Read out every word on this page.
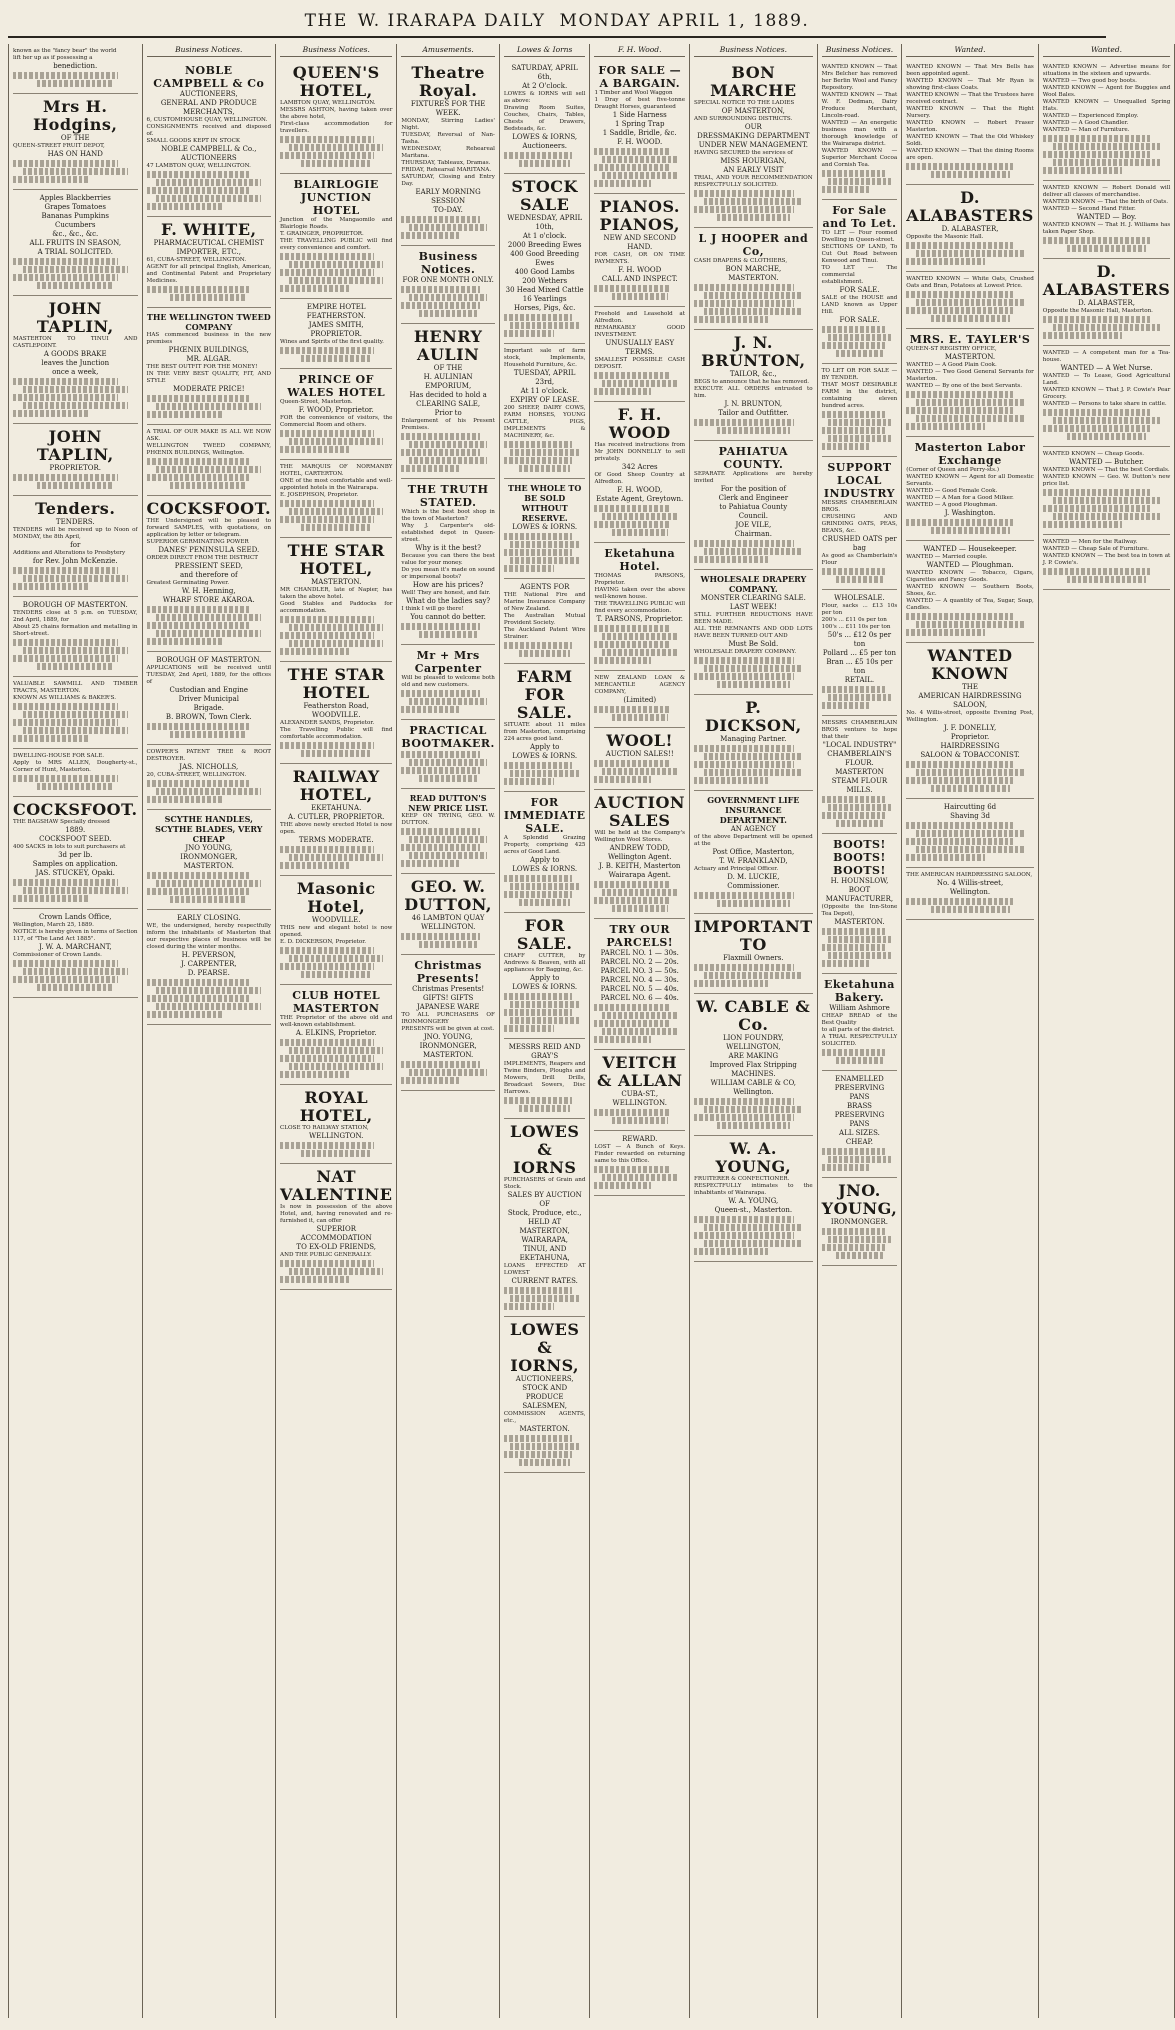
THE W. IRARAPA DAILY MONDAY APRIL 1, 1889.
known as the "fancy bear" the world
lift her up as if possessing a
benediction.
Mrs H. Hodgins,
OF THE
QUEEN-STREET FRUIT DEPOT,
HAS ON HAND
Apples Blackberries
Grapes Tomatoes
Bananas Pumpkins
Cucumbers
&c., &c., &c.
ALL FRUITS IN SEASON,
A TRIAL SOLICITED.
JOHN TAPLIN,
MASTERTON TO TINUI AND CASTLEPOINT.
A GOODS BRAKE
leaves the Junction
once a week,
JOHN TAPLIN,
PROPRIETOR.
Tenders.
TENDERS.
TENDERS will be received up to Noon of MONDAY, the 8th April,
for
Additions and Alterations to Presbytery
for Rev. John McKenzie.
BOROUGH OF MASTERTON.
TENDERS close at 5 p.m. on TUESDAY, 2nd April, 1889, for
About 25 chains formation and metalling in Short-street.
VALUABLE SAWMILL AND TIMBER TRACTS, MASTERTON.
KNOWN AS WILLIAMS & BAKER'S.
DWELLING-HOUSE FOR SALE.
Apply to MRS ALLEN, Dougherty-st., Corner of Hunt, Masterton.
COCKSFOOT.
THE BAGSHAW Specially dressed
1889.
COCKSFOOT SEED.
400 SACKS in lots to suit purchasers at
3d per lb.
Samples on application.
JAS. STUCKEY, Opaki.
Crown Lands Office,
Wellington, March 25, 1889.
NOTICE is hereby given in terms of Section 117, of "The Land Act 1885".
J. W. A. MARCHANT,
Commissioner of Crown Lands.
Business Notices.
NOBLE CAMPBELL & Co
AUCTIONEERS,
GENERAL AND PRODUCE
MERCHANTS,
6, CUSTOMHOUSE QUAY, WELLINGTON.
CONSIGNMENTS received and disposed of.
SMALL GOODS KEPT IN STOCK
NOBLE CAMPBELL & Co.,
AUCTIONEERS
47 LAMBTON QUAY, WELLINGTON.
F. WHITE,
PHARMACEUTICAL CHEMIST
IMPORTER, ETC.,
61, CUBA-STREET, WELLINGTON.
AGENT for all principal English, American, and Continental Patent and Proprietary Medicines.
THE WELLINGTON TWEED COMPANY
HAS commenced business in the new premises
PHŒNIX BUILDINGS,
MR. ALGAR.
THE BEST OUTFIT FOR THE MONEY!
IN THE VERY BEST QUALITY, FIT, AND STYLE
MODERATE PRICE!
A TRIAL OF OUR MAKE IS ALL WE NOW ASK.
WELLINGTON TWEED COMPANY, PHŒNIX BUILDINGS, Wellington.
COCKSFOOT.
THE Undersigned will be pleased to forward SAMPLES, with quotations, on application by letter or telegram.
SUPERIOR GERMINATING POWER
DANES' PENINSULA SEED.
ORDER DIRECT FROM THE DISTRICT
PRESSIENT SEED,
and therefore of
Greatest Germinating Power.
W. H. Henning,
WHARF STORE AKAROA.
BOROUGH OF MASTERTON.
APPLICATIONS will be received until TUESDAY, 2nd April, 1889, for the offices of
Custodian and Engine
Driver Municipal
Brigade.
B. BROWN, Town Clerk.
COWPER'S PATENT TREE & ROOT DESTROYER.
JAS. NICHOLLS,
20, CUBA-STREET, WELLINGTON.
SCYTHE HANDLES, SCYTHE BLADES, VERY CHEAP
JNO YOUNG,
IRONMONGER,
MASTERTON.
EARLY CLOSING.
WE, the undersigned, hereby respectfully inform the inhabitants of Masterton that our respective places of business will be closed during the winter months.
H. PEVERSON,
J. CARPENTER,
D. PEARSE.
Business Notices.
QUEEN'S HOTEL,
LAMBTON QUAY, WELLINGTON.
MESSRS ASHTON, having taken over the above hotel,
First-class accommodation for travellers.
BLAIRLOGIE JUNCTION HOTEL
Junction of the Mangaomilo and Blairlogie Roads.
T. GRAINGER, PROPRIETOR.
THE TRAVELLING PUBLIC will find every convenience and comfort.
EMPIRE HOTEL
FEATHERSTON.
JAMES SMITH,
PROPRIETOR.
Wines and Spirits of the first quality.
PRINCE OF WALES HOTEL
Queen-Street, Masterton.
F. WOOD, Proprietor.
FOR the convenience of visitors, the Commercial Room and others.
THE MARQUIS OF NORMANBY HOTEL, CARTERTON.
ONE of the most comfortable and well-appointed hotels in the Wairarapa.
E. JOSEPHSON, Proprietor.
THE STAR HOTEL,
MASTERTON.
MR CHANDLER, late of Napier, has taken the above hotel.
Good Stables and Paddocks for accommodation.
THE STAR HOTEL
Featherston Road,
WOODVILLE.
ALEXANDER SANDS, Proprietor.
The Travelling Public will find comfortable accommodation.
RAILWAY HOTEL,
EKETAHUNA.
A. CUTLER, PROPRIETOR.
THE above newly erected Hotel is now open.
TERMS MODERATE.
Masonic Hotel,
WOODVILLE.
THIS new and elegant hotel is now opened.
E. D. DICKERSON, Proprietor.
CLUB HOTEL MASTERTON
THE Proprietor of the above old and well-known establishment.
A. ELKINS, Proprietor.
ROYAL HOTEL,
CLOSE TO RAILWAY STATION,
WELLINGTON.
NAT VALENTINE
Is now in possession of the above Hotel, and, having renovated and re-furnished it, can offer
SUPERIOR ACCOMMODATION
TO EX-OLD FRIENDS,
AND THE PUBLIC GENERALLY.
Amusements.
Theatre Royal.
FIXTURES FOR THE WEEK.
MONDAY, Stirring Ladies' Night.
TUESDAY, Reversal of Nan-Tasha.
WEDNESDAY, Reheareal Maritana.
THURSDAY, Tableaux, Dramas.
FRIDAY, Rehearsal MARITANA.
SATURDAY, Closing and Entry Day.
EARLY MORNING SESSION
TO-DAY.
Business Notices.
FOR ONE MONTH ONLY.
HENRY AULIN
OF THE
H. AULINIAN EMPORIUM,
Has decided to hold a
CLEARING SALE,
Prior to
Enlargement of his Present Premises.
THE TRUTH STATED.
Which is the best boot shop in the town of Masterton?
Why J. Carpenter's old-established depot in Queen-street.
Why is it the best?
Because you can there the best value for your money.
Do you mean it's made on sound or impersonal boots?
How are his prices?
Well! They are honest, and fair.
What do the ladies say?
I think I will go there!
You cannot do better.
Mr + Mrs Carpenter
Will be pleased to welcome both old and new customers.
PRACTICAL BOOTMAKER.
READ DUTTON'S NEW PRICE LIST.
KEEP ON TRYING, GEO. W. DUTTON.
GEO. W. DUTTON,
46 LAMBTON QUAY
WELLINGTON.
Christmas Presents!
Christmas Presents!
GIFTS! GIFTS
JAPANESE WARE
TO ALL PURCHASERS OF IRONMONGERY
PRESENTS will be given at cost.
JNO. YOUNG,
IRONMONGER, MASTERTON.
Lowes & Iorns
SATURDAY, APRIL 6th,
At 2 O'clock.
LOWES & IORNS will sell as above:
Drawing Room Suites, Couches, Chairs, Tables, Chests of Drawers, Bedsteads, &c.
LOWES & IORNS,
Auctioneers.
STOCK SALE
WEDNESDAY, APRIL 10th,
At 1 o'clock.
2000 Breeding Ewes
400 Good Breeding Ewes
400 Good Lambs
200 Wethers
30 Head Mixed Cattle
16 Yearlings
Horses, Pigs, &c.
Important sale of farm stock, Implements, Household Furniture, &c.
TUESDAY, APRIL 23rd,
At 11 o'clock.
EXPIRY OF LEASE.
200 SHEEP, DAIRY COWS, FARM HORSES, YOUNG CATTLE, PIGS, IMPLEMENTS & MACHINERY, &c.
THE WHOLE TO BE SOLD WITHOUT RESERVE.
LOWES & IORNS.
AGENTS FOR
THE National Fire and Marine Insurance Company of New Zealand.
The Australian Mutual Provident Society.
The Auckland Patent Wire Strainer.
FARM FOR SALE.
SITUATE about 11 miles from Masterton, comprising 224 acres good land.
Apply to
LOWES & IORNS.
FOR IMMEDIATE SALE.
A Splendid Grazing Property, comprising 425 acres of Good Land.
Apply to
LOWES & IORNS.
FOR SALE.
CHAFF CUTTER, by Andrews & Beaven, with all appliances for Bagging, &c.
Apply to
LOWES & IORNS.
MESSRS REID AND GRAY'S
IMPLEMENTS, Reapers and Twine Binders, Ploughs and Mowers, Drill Drills, Broadcast Sowers, Disc Harrows.
LOWES & IORNS
PURCHASERS of Grain and Stock.
SALES BY AUCTION OF
Stock, Produce, etc.,
HELD AT
MASTERTON,
WAIRARAPA,
TINUI, AND
EKETAHUNA,
LOANS EFFECTED AT LOWEST
CURRENT RATES.
LOWES & IORNS,
AUCTIONEERS,
STOCK AND PRODUCE
SALESMEN,
COMMISSION AGENTS, etc.,
MASTERTON.
F. H. Wood.
FOR SALE — A BARGAIN.
1 Timber and Wool Waggon
1 Dray of best five-tonne Draught Horses, guaranteed
1 Side Harness
1 Spring Trap
1 Saddle, Bridle, &c.
F. H. WOOD.
PIANOS. PIANOS,
NEW AND SECOND HAND.
FOR CASH, OR ON TIME PAYMENTS.
F. H. WOOD
CALL AND INSPECT.
Freehold and Leasehold at Alfredton.
REMARKABLY GOOD INVESTMENT.
UNUSUALLY EASY TERMS.
SMALLEST POSSIBLE CASH DEPOSIT.
F. H. WOOD
Has received instructions from Mr JOHN DONNELLY to sell privately.
342 Acres
Of Good Sheep Country at Alfredton.
F. H. WOOD,
Estate Agent, Greytown.
Eketahuna Hotel.
THOMAS PARSONS, Proprietor.
HAVING taken over the above well-known house.
THE TRAVELLING PUBLIC will find every accommodation.
T. PARSONS, Proprietor.
NEW ZEALAND LOAN & MERCANTILE AGENCY COMPANY,
(Limited)
WOOL!
AUCTION SALES!!
AUCTION SALES
Will be held at the Company's Wellington Wool Stores.
ANDREW TODD,
Wellington Agent.
J. B. KEITH, Masterton
Wairarapa Agent.
TRY OUR PARCELS!
PARCEL NO. 1 — 30s.
PARCEL NO. 2 — 20s.
PARCEL NO. 3 — 50s.
PARCEL NO. 4 — 30s.
PARCEL NO. 5 — 40s.
PARCEL NO. 6 — 40s.
VEITCH & ALLAN
CUBA-ST., WELLINGTON.
REWARD.
LOST — A Bunch of Keys. Finder rewarded on returning same to this Office.
Business Notices.
BON MARCHE
SPECIAL NOTICE TO THE LADIES
OF MASTERTON,
AND SURROUNDING DISTRICTS.
OUR
DRESSMAKING DEPARTMENT
UNDER NEW MANAGEMENT.
HAVING SECURED the services of
MISS HOURIGAN,
AN EARLY VISIT
TRIAL, AND YOUR RECOMMENDATION RESPECTFULLY SOLICITED.
L J HOOPER and Co,
CASH DRAPERS & CLOTHIERS,
BON MARCHE,
MASTERTON.
J. N. BRUNTON,
TAILOR, &c.,
BEGS to announce that he has removed.
EXECUTE ALL ORDERS entrusted to him.
J. N. BRUNTON,
Tailor and Outfitter.
PAHIATUA COUNTY.
SEPARATE Applications are hereby invited
For the position of
Clerk and Engineer
to Pahiatua County
Council.
JOE VILE,
Chairman.
WHOLESALE DRAPERY COMPANY.
MONSTER CLEARING SALE.
LAST WEEK!
STILL FURTHER REDUCTIONS HAVE BEEN MADE.
ALL THE REMNANTS AND ODD LOTS HAVE BEEN TURNED OUT AND
Must Be Sold.
WHOLESALE DRAPERY COMPANY.
P. DICKSON,
Managing Partner.
GOVERNMENT LIFE INSURANCE DEPARTMENT.
AN AGENCY
of the above Department will be opened at the
Post Office, Masterton,
T. W. FRANKLAND,
Actuary and Principal Officer.
D. M. LUCKIE,
Commissioner.
IMPORTANT TO
Flaxmill Owners.
W. CABLE & Co.
LION FOUNDRY,
WELLINGTON,
ARE MAKING
Improved Flax Stripping
MACHINES.
WILLIAM CABLE & CO,
Wellington.
W. A. YOUNG,
FRUITERER & CONFECTIONER.
RESPECTFULLY intimates to the inhabitants of Wairarapa.
W. A. YOUNG,
Queen-st., Masterton.
Business Notices.
WANTED KNOWN — That Mrs Belcher has removed her Berlin Wool and Fancy Repository.
WANTED KNOWN — That W. F. Dedman, Dairy Produce Merchant, Lincoln-road.
WANTED — An energetic business man with a thorough knowledge of the Wairarapa district.
WANTED KNOWN — Superior Merchant Cocoa and Cornish Tea.
For Sale and To Let.
TO LET — Four roomed Dwelling in Queen-street.
SECTIONS OF LAND, To Cut Out Road between Kenwood and Tinui.
TO LET — The commercial establishment.
FOR SALE.
SALE of the HOUSE and LAND known as Upper Hill.
FOR SALE.
TO LET OR FOR SALE — BY TENDER.
THAT MOST DESIRABLE FARM in the district, containing eleven hundred acres.
SUPPORT LOCAL INDUSTRY
MESSRS CHAMBERLAIN BROS.
CRUSHING AND GRINDING OATS, PEAS, BEANS, &c.
CRUSHED OATS per bag
As good as Chamberlain's Flour
WHOLESALE.
Flour, sacks ... £13 10s per ton
200's ... £11 0s per ton
100's ... £11 10s per ton
50's ... £12 0s per ton
Pollard ... £5 per ton
Bran ... £5 10s per ton
RETAIL.
MESSRS CHAMBERLAIN BROS venture to hope that their
"LOCAL INDUSTRY"
CHAMBERLAIN'S FLOUR.
MASTERTON
STEAM FLOUR MILLS.
BOOTS! BOOTS! BOOTS!
H. HOUNSLOW,
BOOT MANUFACTURER,
(Opposite the Inn-Stone Tea Depot),
MASTERTON.
Eketahuna Bakery.
William Ashmore
CHEAP BREAD of the Best Quality
to all parts of the district.
A TRIAL RESPECTFULLY SOLICITED.
ENAMELLED
PRESERVING
PANS
BRASS
PRESERVING
PANS
ALL SIZES.
CHEAP.
JNO. YOUNG,
IRONMONGER.
Wanted.
WANTED KNOWN — That Mrs Bells has been appointed agent.
WANTED KNOWN — That Mr Ryan is showing first-class Coats.
WANTED KNOWN — That the Trustees have received contract.
WANTED KNOWN — That the Right Nursery.
WANTED KNOWN — Robert Fraser Masterton.
WANTED KNOWN — That the Old Whiskey Soldi.
WANTED KNOWN — That the dining Rooms are open.
D. ALABASTERS
D. ALABASTER,
Opposite the Masonic Hall.
WANTED KNOWN — White Oats, Crushed Oats and Bran, Potatoes at Lowest Price.
MRS. E. TAYLER'S
QUEEN-ST REGISTRY OFFICE,
MASTERTON.
WANTED — A Good Plain Cook.
WANTED — Two Good General Servants for Masterton.
WANTED — By one of the best Servants.
Masterton Labor Exchange
(Corner of Queen and Perry-sts.)
WANTED KNOWN — Agent for all Domestic Servants.
WANTED — Good Female Cook.
WANTED — A Man for a Good Milker.
WANTED — A good Ploughman.
J. Washington.
WANTED — Housekeeper.
WANTED — Married couple.
WANTED — Ploughman.
WANTED KNOWN — Tobacco, Cigars, Cigarettes and Fancy Goods.
WANTED KNOWN — Southern Boots, Shoes, &c.
WANTED — A quantity of Tea, Sugar, Soap, Candles.
WANTED KNOWN
THE
AMERICAN HAIRDRESSING
SALOON,
No. 4 Willis-street, opposite Evening Post, Wellington.
J. F. DONELLY,
Proprietor.
HAIRDRESSING
SALOON & TOBACCONIST.
Haircutting 6d
Shaving 3d
THE AMERICAN HAIRDRESSING SALOON,
No. 4 Willis-street,
Wellington.
Wanted.
WANTED KNOWN — Advertise means for situations in the sixteen and upwards.
WANTED — Two good boy boots.
WANTED KNOWN — Agent for Buggies and Wool Bales.
WANTED KNOWN — Unequalled Spring Hats.
WANTED — Experienced Employ.
WANTED — A Good Chandler.
WANTED — Man of Furniture.
WANTED KNOWN — Robert Donald will deliver all classes of merchandise.
WANTED KNOWN — That the birth of Oats.
WANTED — Second Hand Fitter.
WANTED — Boy.
WANTED KNOWN — That H. J. Williams has taken Paper Shop.
D. ALABASTERS
D. ALABASTER,
Opposite the Masonic Hall, Masterton.
WANTED — A competent man for a Tea-house.
WANTED — A Wet Nurse.
WANTED — To Lease, Good Agricultural Land.
WANTED KNOWN — That J. P. Cowie's Pear Grocery.
WANTED — Persons to take share in cattle.
WANTED KNOWN — Cheap Goods.
WANTED — Butcher.
WANTED KNOWN — That the best Cordials.
WANTED KNOWN — Geo. W. Dutton's new price list.
WANTED — Men for the Railway.
WANTED — Cheap Sale of Furniture.
WANTED KNOWN — The best tea in town at J. P. Cowie's.
